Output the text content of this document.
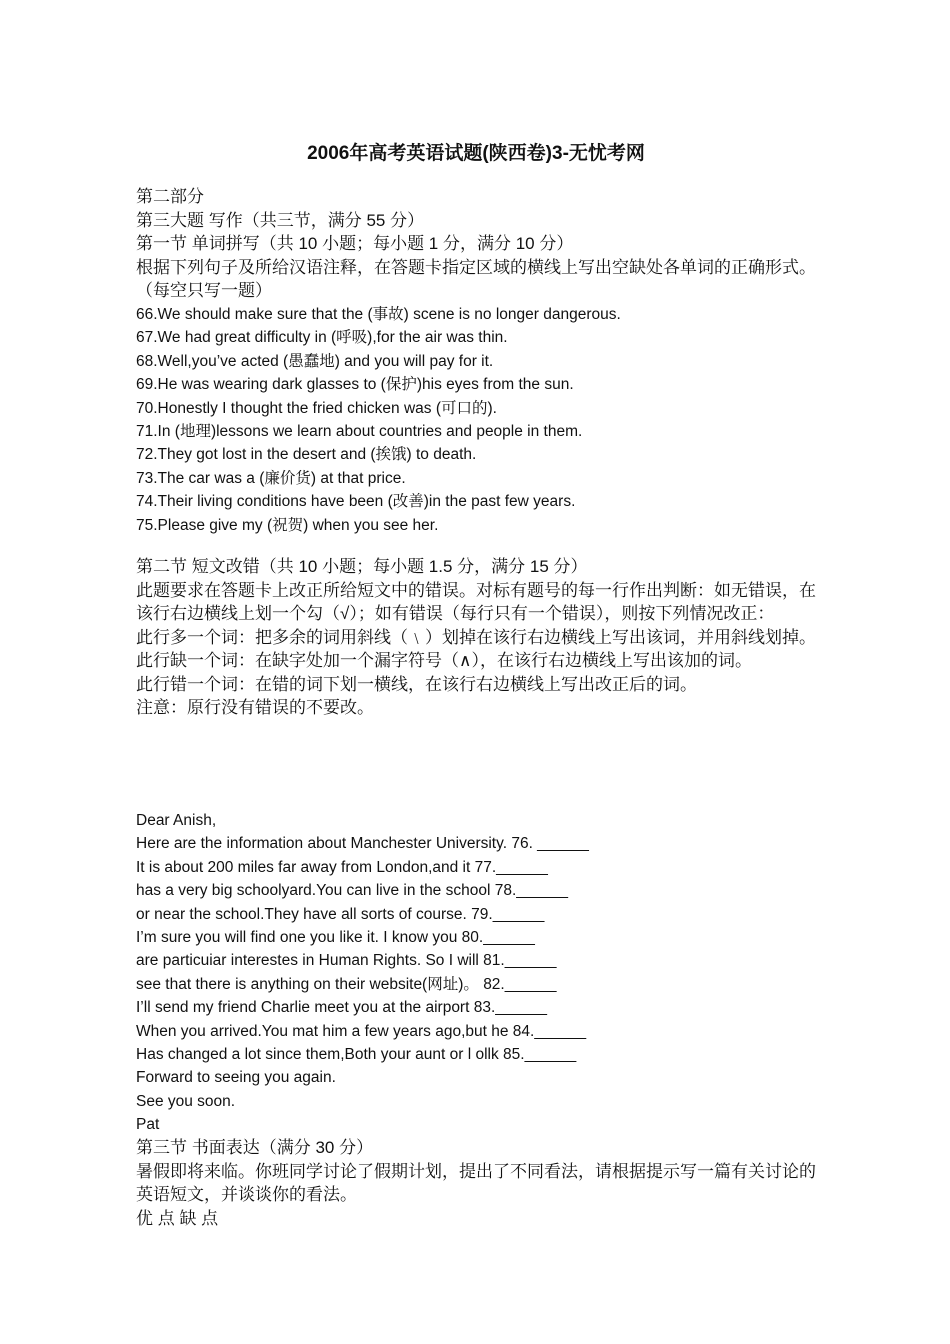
2006年高考英语试题(陕西卷)3-无忧考网
第二部分
第三大题 写作（共三节，满分 55 分）
第一节 单词拼写（共 10 小题；每小题 1 分，满分 10 分）
根据下列句子及所给汉语注释，在答题卡指定区域的横线上写出空缺处各单词的正确形式。（每空只写一题）
66.We should make sure that the (事故) scene is no longer dangerous.
67.We had great difficulty in (呼吸),for the air was thin.
68.Well,you’ve acted (愚蠢地) and you will pay for it.
69.He was wearing dark glasses to (保护)his eyes from the sun.
70.Honestly I thought the fried chicken was (可口的).
71.In (地理)lessons we learn about countries and people in them.
72.They got lost in the desert and (挨饿) to death.
73.The car was a (廉价货) at that price.
74.Their living conditions have been (改善)in the past few years.
75.Please give my (祝贺) when you see her.
第二节 短文改错（共 10 小题；每小题 1.5 分，满分 15 分）
此题要求在答题卡上改正所给短文中的错误。对标有题号的每一行作出判断：如无错误，在该行右边横线上划一个勾（√）；如有错误（每行只有一个错误），则按下列情况改正：
此行多一个词：把多余的词用斜线（﹨）划掉在该行右边横线上写出该词，并用斜线划掉。
此行缺一个词：在缺字处加一个漏字符号（∧），在该行右边横线上写出该加的词。
此行错一个词：在错的词下划一横线，在该行右边横线上写出改正后的词。
注意：原行没有错误的不要改。
Dear Anish,
Here are the information about Manchester University. 76. ______
It is about 200 miles far away from London,and it 77.______
has a very big schoolyard.You can live in the school 78.______
or near the school.They have all sorts of course. 79.______
I’m sure you will find one you like it. I know you 80.______
are particuiar interestes in Human Rights. So I will 81.______
see that there is anything on their website(网址)。 82.______
I’ll send my friend Charlie meet you at the airport 83.______
When you arrived.You mat him a few years ago,but he 84.______
Has changed a lot since them,Both your aunt or l ollk 85.______
Forward to seeing you again.
See you soon.
Pat
第三节 书面表达（满分 30 分）
暑假即将来临。你班同学讨论了假期计划，提出了不同看法，请根据提示写一篇有关讨论的英语短文，并谈谈你的看法。
优 点 缺 点
